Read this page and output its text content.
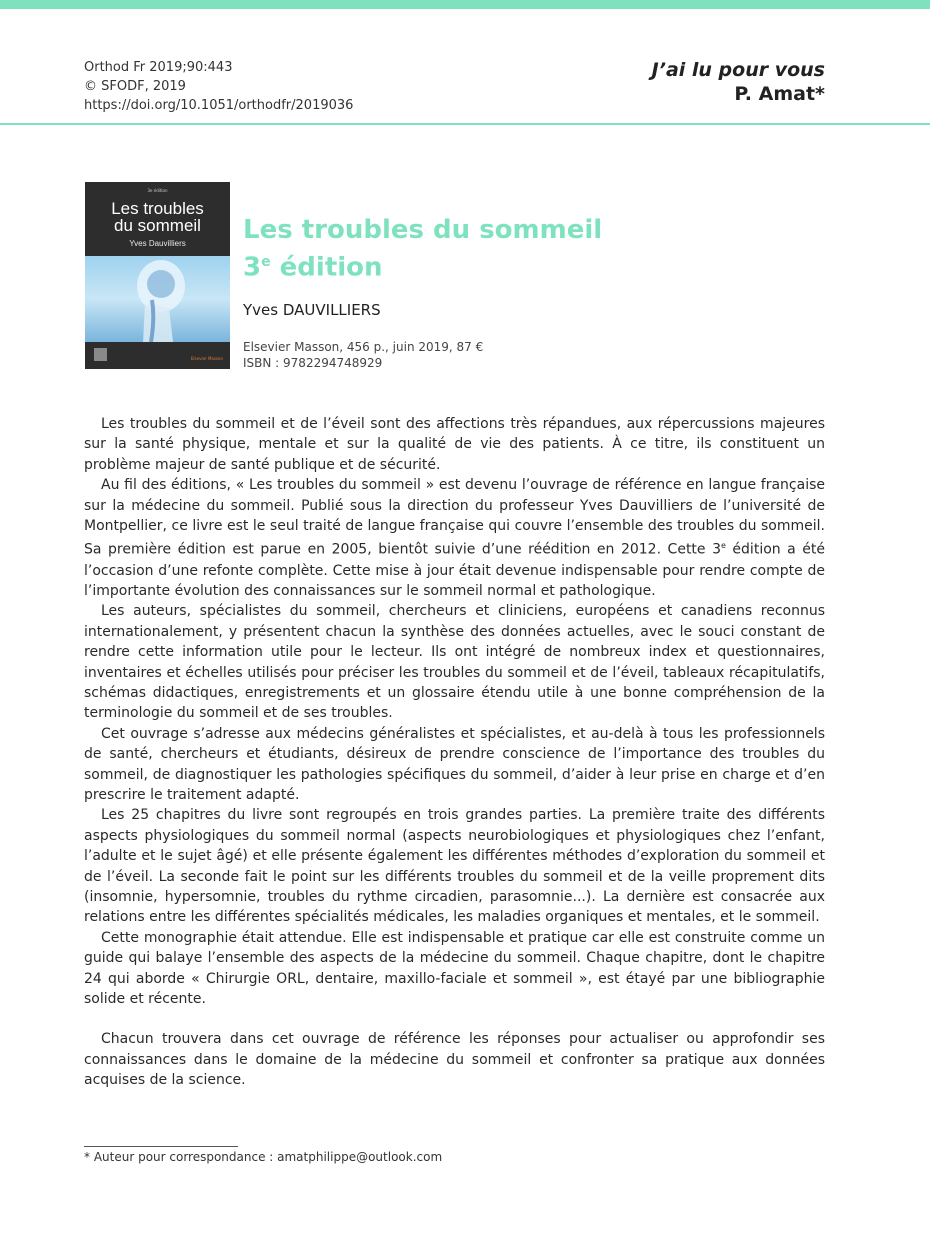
Orthod Fr 2019;90:443
© SFODF, 2019
https://doi.org/10.1051/orthodfr/2019036
J’ai lu pour vous
P. Amat*
3e édition
Les troubles
du sommeil
Yves Dauvilliers
Elsevier Masson
Les troubles du sommeil
3e édition
Yves DAUVILLIERS
Elsevier Masson, 456 p., juin 2019, 87 €
ISBN : 9782294748929

Les troubles du sommeil et de l’éveil sont des affections très répandues, aux répercussions majeures sur la santé physique, mentale et sur la qualité de vie des patients. À ce titre, ils constituent un problème majeur de santé publique et de sécurité.

Au fil des éditions, « Les troubles du sommeil » est devenu l’ouvrage de référence en langue française sur la médecine du sommeil. Publié sous la direction du professeur Yves Dauvilliers de l’université de Montpellier, ce livre est le seul traité de langue française qui couvre l’ensemble des troubles du sommeil. Sa première édition est parue en 2005, bientôt suivie d’une réédition en 2012. Cette 3e édition a été l’occasion d’une refonte complète. Cette mise à jour était devenue indispensable pour rendre compte de l’importante évolution des connaissances sur le sommeil normal et pathologique.

Les auteurs, spécialistes du sommeil, chercheurs et cliniciens, européens et canadiens reconnus internationalement, y présentent chacun la synthèse des données actuelles, avec le souci constant de rendre cette information utile pour le lecteur. Ils ont intégré de nombreux index et questionnaires, inventaires et échelles utilisés pour préciser les troubles du sommeil et de l’éveil, tableaux récapitulatifs, schémas didactiques, enregistrements et un glossaire étendu utile à une bonne compréhension de la terminologie du sommeil et de ses troubles.

Cet ouvrage s’adresse aux médecins généralistes et spécialistes, et au-delà à tous les professionnels de santé, chercheurs et étudiants, désireux de prendre conscience de l’importance des troubles du sommeil, de diagnostiquer les pathologies spécifiques du sommeil, d’aider à leur prise en charge et d’en prescrire le traitement adapté.

Les 25 chapitres du livre sont regroupés en trois grandes parties. La première traite des différents aspects physiologiques du sommeil normal (aspects neurobiologiques et physiologiques chez l’enfant, l’adulte et le sujet âgé) et elle présente également les différentes méthodes d’exploration du sommeil et de l’éveil. La seconde fait le point sur les différents troubles du sommeil et de la veille proprement dits (insomnie, hypersomnie, troubles du rythme circadien, parasomnie...). La dernière est consacrée aux relations entre les différentes spécialités médicales, les maladies organiques et mentales, et le sommeil.

Cette monographie était attendue. Elle est indispensable et pratique car elle est construite comme un guide qui balaye l’ensemble des aspects de la médecine du sommeil. Chaque chapitre, dont le chapitre 24 qui aborde « Chirurgie ORL, dentaire, maxillo-faciale et sommeil », est étayé par une bibliographie solide et récente.

Chacun trouvera dans cet ouvrage de référence les réponses pour actualiser ou approfondir ses connaissances dans le domaine de la médecine du sommeil et confronter sa pratique aux données acquises de la science.

* Auteur pour correspondance : amatphilippe@outlook.com
